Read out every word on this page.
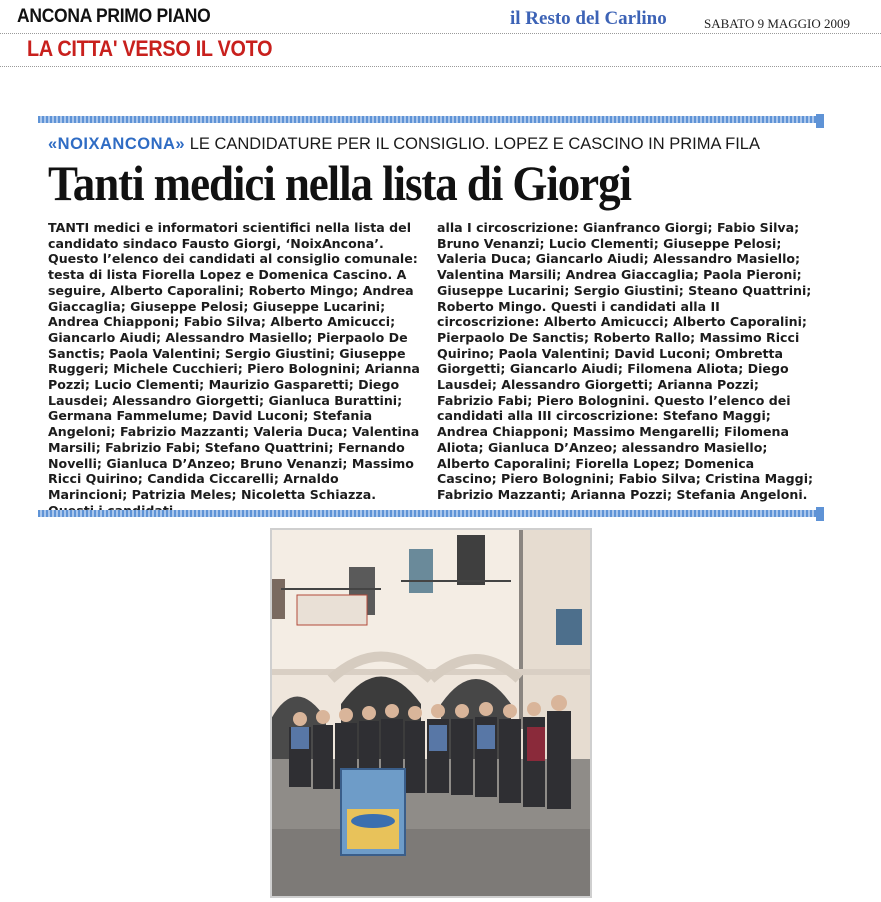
ANCONA PRIMO PIANO
LA CITTA' VERSO IL VOTO
il Resto del Carlino	SABATO 9 MAGGIO 2009
«NOIXANCONA» LE CANDIDATURE PER IL CONSIGLIO. LOPEZ E CASCINO IN PRIMA FILA
Tanti medici nella lista di Giorgi

TANTI medici e informatori scientifici nella lista del candidato sindaco Fausto Giorgi, ‘NoixAncona’. Questo l’elenco dei candidati al consiglio comunale: testa di lista Fiorella Lopez e Domenica Cascino. A seguire, Alberto Caporalini; Roberto Mingo; Andrea Giaccaglia; Giuseppe Pelosi; Giuseppe Lucarini; Andrea Chiapponi; Fabio Silva; Alberto Amicucci; Giancarlo Aiudi; Alessandro Masiello; Pierpaolo De Sanctis; Paola Valentini; Sergio Giustini; Giuseppe Ruggeri; Michele Cucchieri; Piero Bolognini; Arianna Pozzi; Lucio Clementi; Maurizio Gasparetti; Diego Lausdei; Alessandro Giorgetti; Gianluca Burattini; Germana Fammelume; David Luconi; Stefania Angeloni; Fabrizio Mazzanti; Valeria Duca; Valentina Marsili; Fabrizio Fabi; Stefano Quattrini; Fernando Novelli; Gianluca D’Anzeo; Bruno Venanzi; Massimo Ricci Quirino; Candida Ciccarelli; Arnaldo Marincioni; Patrizia Meles; Nicoletta Schiazza.

alla I circoscrizione: Gianfranco Giorgi; Fabio Silva; Bruno Venanzi; Lucio Clementi; Giuseppe Pelosi; Valeria Duca; Giancarlo Aiudi; Alessandro Masiello; Valentina Marsili; Andrea Giaccaglia; Paola Pieroni; Giuseppe Lucarini; Sergio Giustini; Steano Quattrini; Roberto Mingo. Questi i candidati alla II circoscrizione: Alberto Amicucci; Alberto Caporalini; Pierpaolo De Sanctis; Roberto Rallo; Massimo Ricci Quirino; Paola Valentini; David Luconi; Ombretta Giorgetti; Giancarlo Aiudi; Filomena Aliota; Diego Lausdei; Alessandro Giorgetti; Arianna Pozzi; Fabrizio Fabi; Piero Bolognini. Questo l’elenco dei candidati alla III circoscrizione: Stefano Maggi; Andrea Chiapponi; Massimo Mengarelli; Filomena Aliota; Gianluca D’Anzeo; alessandro Masiello; Alberto Caporalini; Fiorella Lopez; Domenica Cascino; Piero Bolognini; Fabio Silva; Cristina Maggi; Fabrizio Mazzanti; Arianna Pozzi; Stefania Angeloni.
